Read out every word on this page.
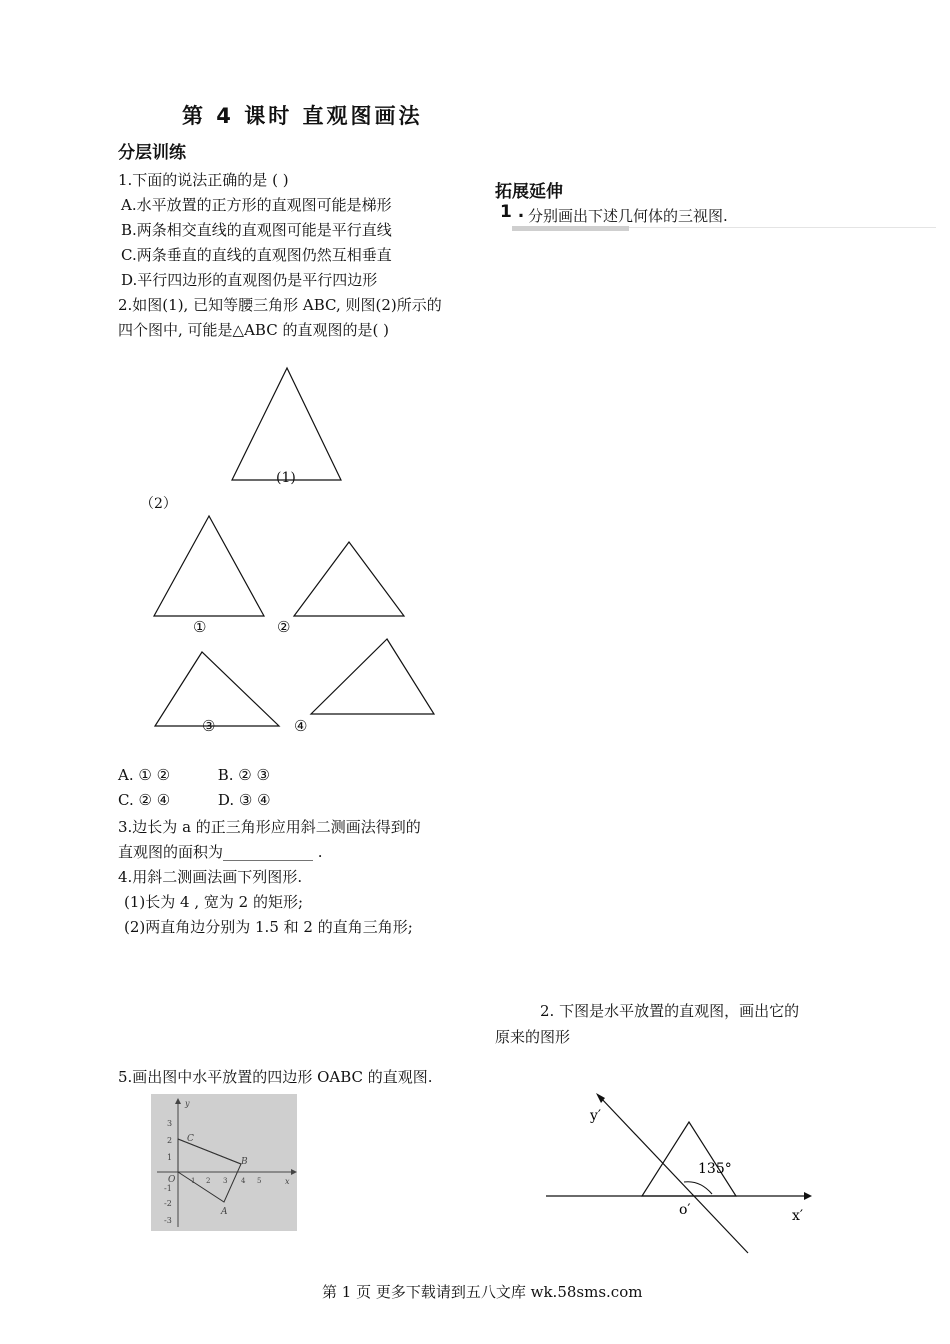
第 4 课时 直观图画法
分层训练
1.下面的说法正确的是 ( )
A.水平放置的正方形的直观图可能是梯形
B.两条相交直线的直观图可能是平行直线
C.两条垂直的直线的直观图仍然互相垂直
D.平行四边形的直观图仍是平行四边形
2.如图(1), 已知等腰三角形 ABC, 则图(2)所示的
四个图中, 可能是△ABC 的直观图的是( )
(1)
（2）
①	②
③	④
A. ① ②          B. ② ③
C. ② ④          D. ③ ④
3.边长为 a 的正三角形应用斜二测画法得到的
直观图的面积为____________ .
4.用斜二测画法画下列图形.
(1)长为 4 , 宽为 2 的矩形;
(2)两直角边分别为 1.5 和 2 的直角三角形;
5.画出图中水平放置的四边形 OABC 的直观图.
y
x
O 1 2 3 4 5
3
2
1
-1
-2
-3
C
B
A
拓展延伸
1 . 分别画出下述几何体的三视图.
2. 下图是水平放置的直观图，画出它的
原来的图形
y′
x′
o′
135°
第 1 页 更多下载请到五八文库 wk.58sms.com
